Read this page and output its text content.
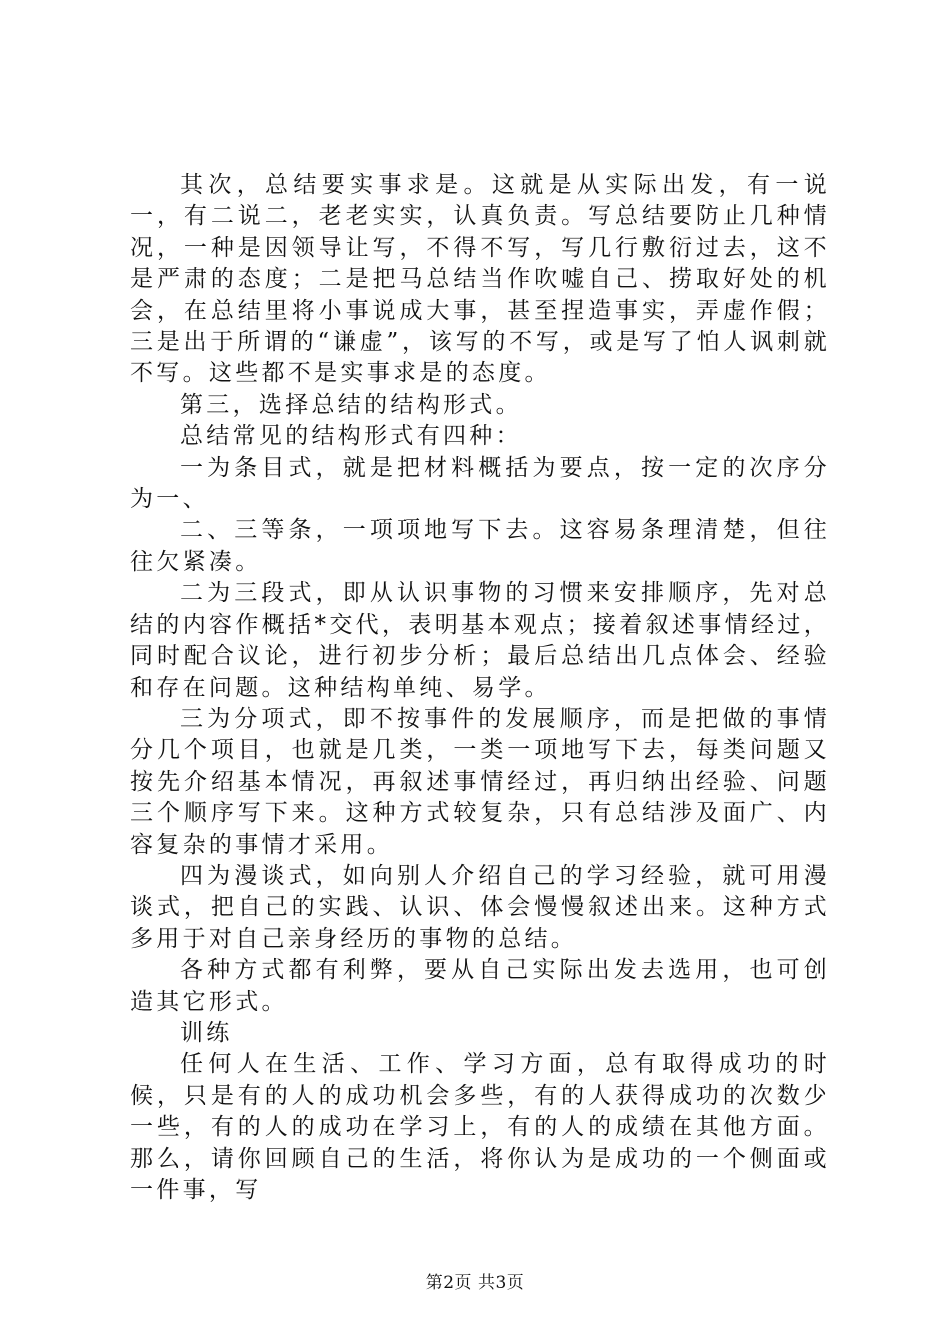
其次，总结要实事求是。这就是从实际出发，有一说一，有二说二，老老实实，认真负责。写总结要防止几种情况，一种是因领导让写，不得不写，写几行敷衍过去，这不是严肃的态度；二是把马总结当作吹嘘自己、捞取好处的机会，在总结里将小事说成大事，甚至捏造事实，弄虚作假；三是出于所谓的“谦虚”，该写的不写，或是写了怕人讽刺就不写。这些都不是实事求是的态度。

第三，选择总结的结构形式。

总结常见的结构形式有四种：

一为条目式，就是把材料概括为要点，按一定的次序分为一、

二、三等条，一项项地写下去。这容易条理清楚，但往往欠紧凑。

二为三段式，即从认识事物的习惯来安排顺序，先对总结的内容作概括*交代，表明基本观点；接着叙述事情经过，同时配合议论，进行初步分析；最后总结出几点体会、经验和存在问题。这种结构单纯、易学。

三为分项式，即不按事件的发展顺序，而是把做的事情分几个项目，也就是几类，一类一项地写下去，每类问题又按先介绍基本情况，再叙述事情经过，再归纳出经验、问题三个顺序写下来。这种方式较复杂，只有总结涉及面广、内容复杂的事情才采用。

四为漫谈式，如向别人介绍自己的学习经验，就可用漫谈式，把自己的实践、认识、体会慢慢叙述出来。这种方式多用于对自己亲身经历的事物的总结。

各种方式都有利弊，要从自己实际出发去选用，也可创造其它形式。

训练

任何人在生活、工作、学习方面，总有取得成功的时候，只是有的人的成功机会多些，有的人获得成功的次数少一些，有的人的成功在学习上，有的人的成绩在其他方面。那么，请你回顾自己的生活，将你认为是成功的一个侧面或一件事，写

第2页 共3页
